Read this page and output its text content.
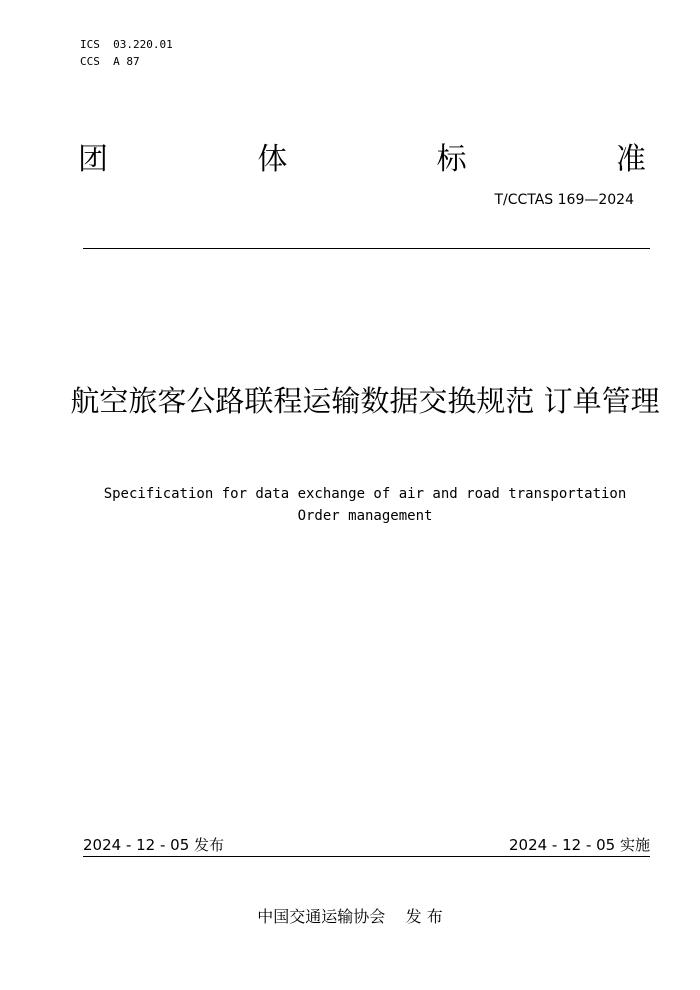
ICS  03.220.01
CCS  A 87
团	体	标	准
T/CCTAS 169—2024
航空旅客公路联程运输数据交换规范 订单管理
Specification for data exchange of air and road transportation  Order management
2024 - 12 - 05 发布	2024 - 12 - 05 实施
中国交通运输协会    发 布
